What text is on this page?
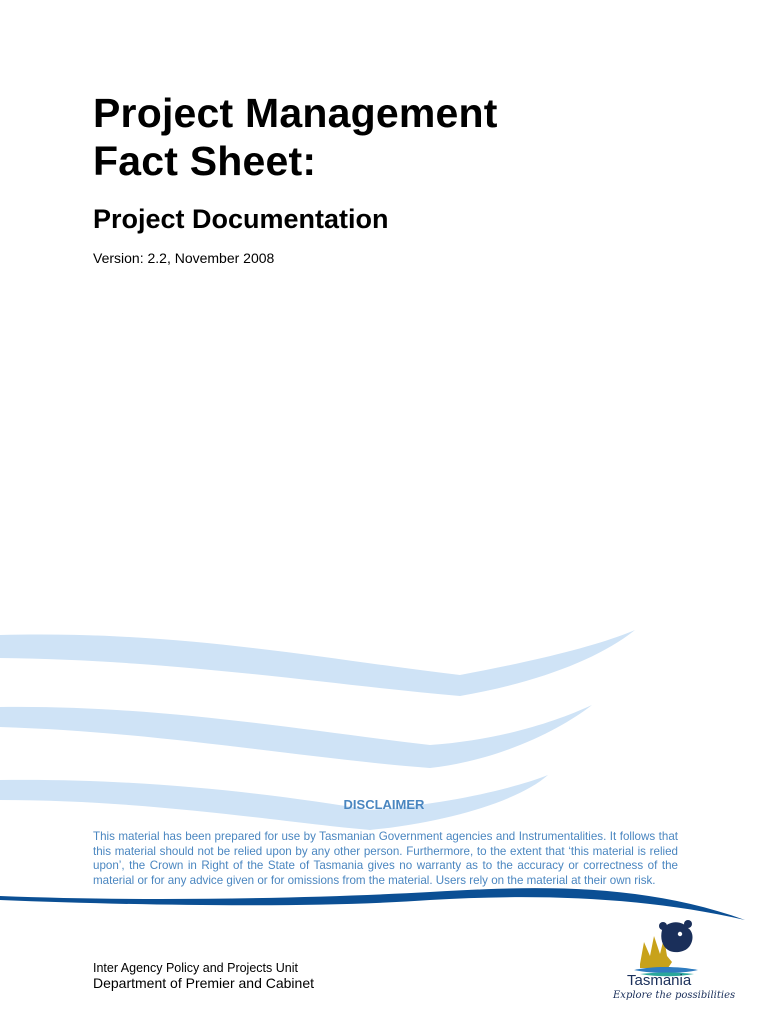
Project Management
Fact Sheet:
Project Documentation
Version: 2.2, November 2008
DISCLAIMER

This material has been prepared for use by Tasmanian Government agencies and Instrumentalities. It follows that this material should not be relied upon by any other person. Furthermore, to the extent that ‘this material is relied upon’, the Crown in Right of the State of Tasmania gives no warranty as to the accuracy or correctness of the material or for any advice given or for omissions from the material. Users rely on the material at their own risk.

Inter Agency Policy and Projects Unit
Department of Premier and Cabinet	Tasmania
Explore the possibilities
